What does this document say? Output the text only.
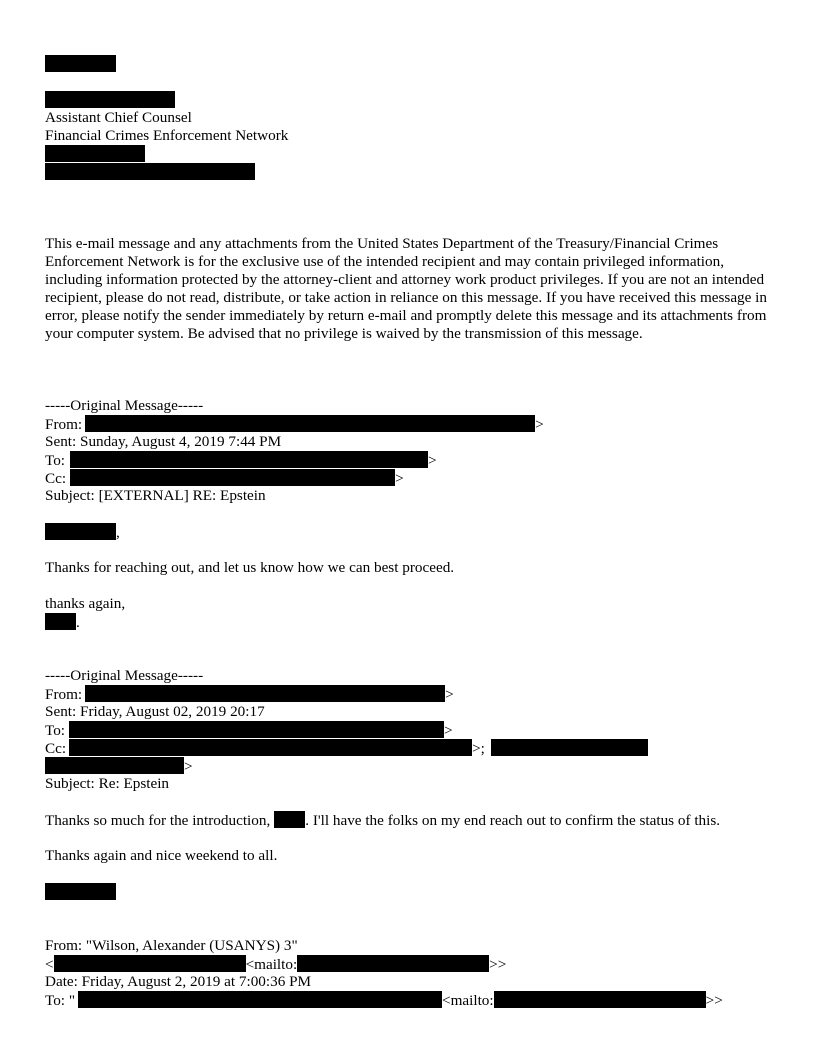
Assistant Chief Counsel

Financial Crimes Enforcement Network

This e-mail message and any attachments from the United States Department of the Treasury/Financial Crimes Enforcement Network is for the exclusive use of the intended recipient and may contain privileged information, including information protected by the attorney-client and attorney work product privileges. If you are not an intended recipient, please do not read, distribute, or take action in reliance on this message. If you have received this message in error, please notify the sender immediately by return e-mail and promptly delete this message and its attachments from your computer system. Be advised that no privilege is waived by the transmission of this message.

-----Original Message-----

From:	>

Sent: Sunday, August 4, 2019 7:44 PM

To:	>

Cc:	>

Subject: [EXTERNAL] RE: Epstein

,

Thanks for reaching out, and let us know how we can best proceed.

thanks again,

.

-----Original Message-----

From:	>

Sent: Friday, August 02, 2019 20:17

To:	>

Cc:	>;

>

Subject: Re: Epstein

Thanks so much for the introduction, . I'll have the folks on my end reach out to confirm the status of this.

Thanks again and nice weekend to all.

From: "Wilson, Alexander (USANYS) 3"

<	<mailto:	>>

Date: Friday, August 2, 2019 at 7:00:36 PM

To: "	<mailto:	>>
